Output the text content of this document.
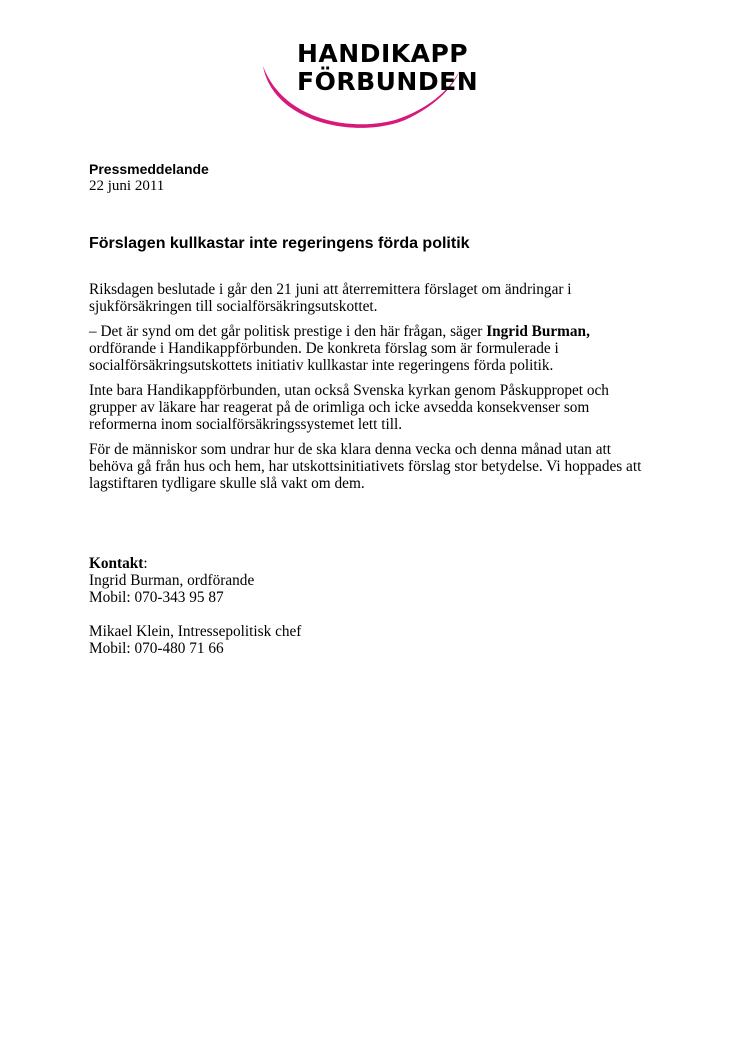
HANDIKAPP
FÖRBUNDEN
Pressmeddelande
22 juni 2011
Förslagen kullkastar inte regeringens förda politik

Riksdagen beslutade i går den 21 juni att återremittera förslaget om ändringar i sjukförsäkringen till socialförsäkringsutskottet.

– Det är synd om det går politisk prestige i den här frågan, säger Ingrid Burman, ordförande i Handikappförbunden. De konkreta förslag som är formulerade i socialförsäkringsutskottets initiativ kullkastar inte regeringens förda politik.

Inte bara Handikappförbunden, utan också Svenska kyrkan genom Påskuppropet och grupper av läkare har reagerat på de orimliga och icke avsedda konsekvenser som reformerna inom socialförsäkringssystemet lett till.

För de människor som undrar hur de ska klara denna vecka och denna månad utan att behöva gå från hus och hem, har utskottsinitiativets förslag stor betydelse. Vi hoppades att lagstiftaren tydligare skulle slå vakt om dem.

Kontakt:
Ingrid Burman, ordförande
Mobil: 070-343 95 87
Mikael Klein, Intressepolitisk chef
Mobil: 070-480 71 66
